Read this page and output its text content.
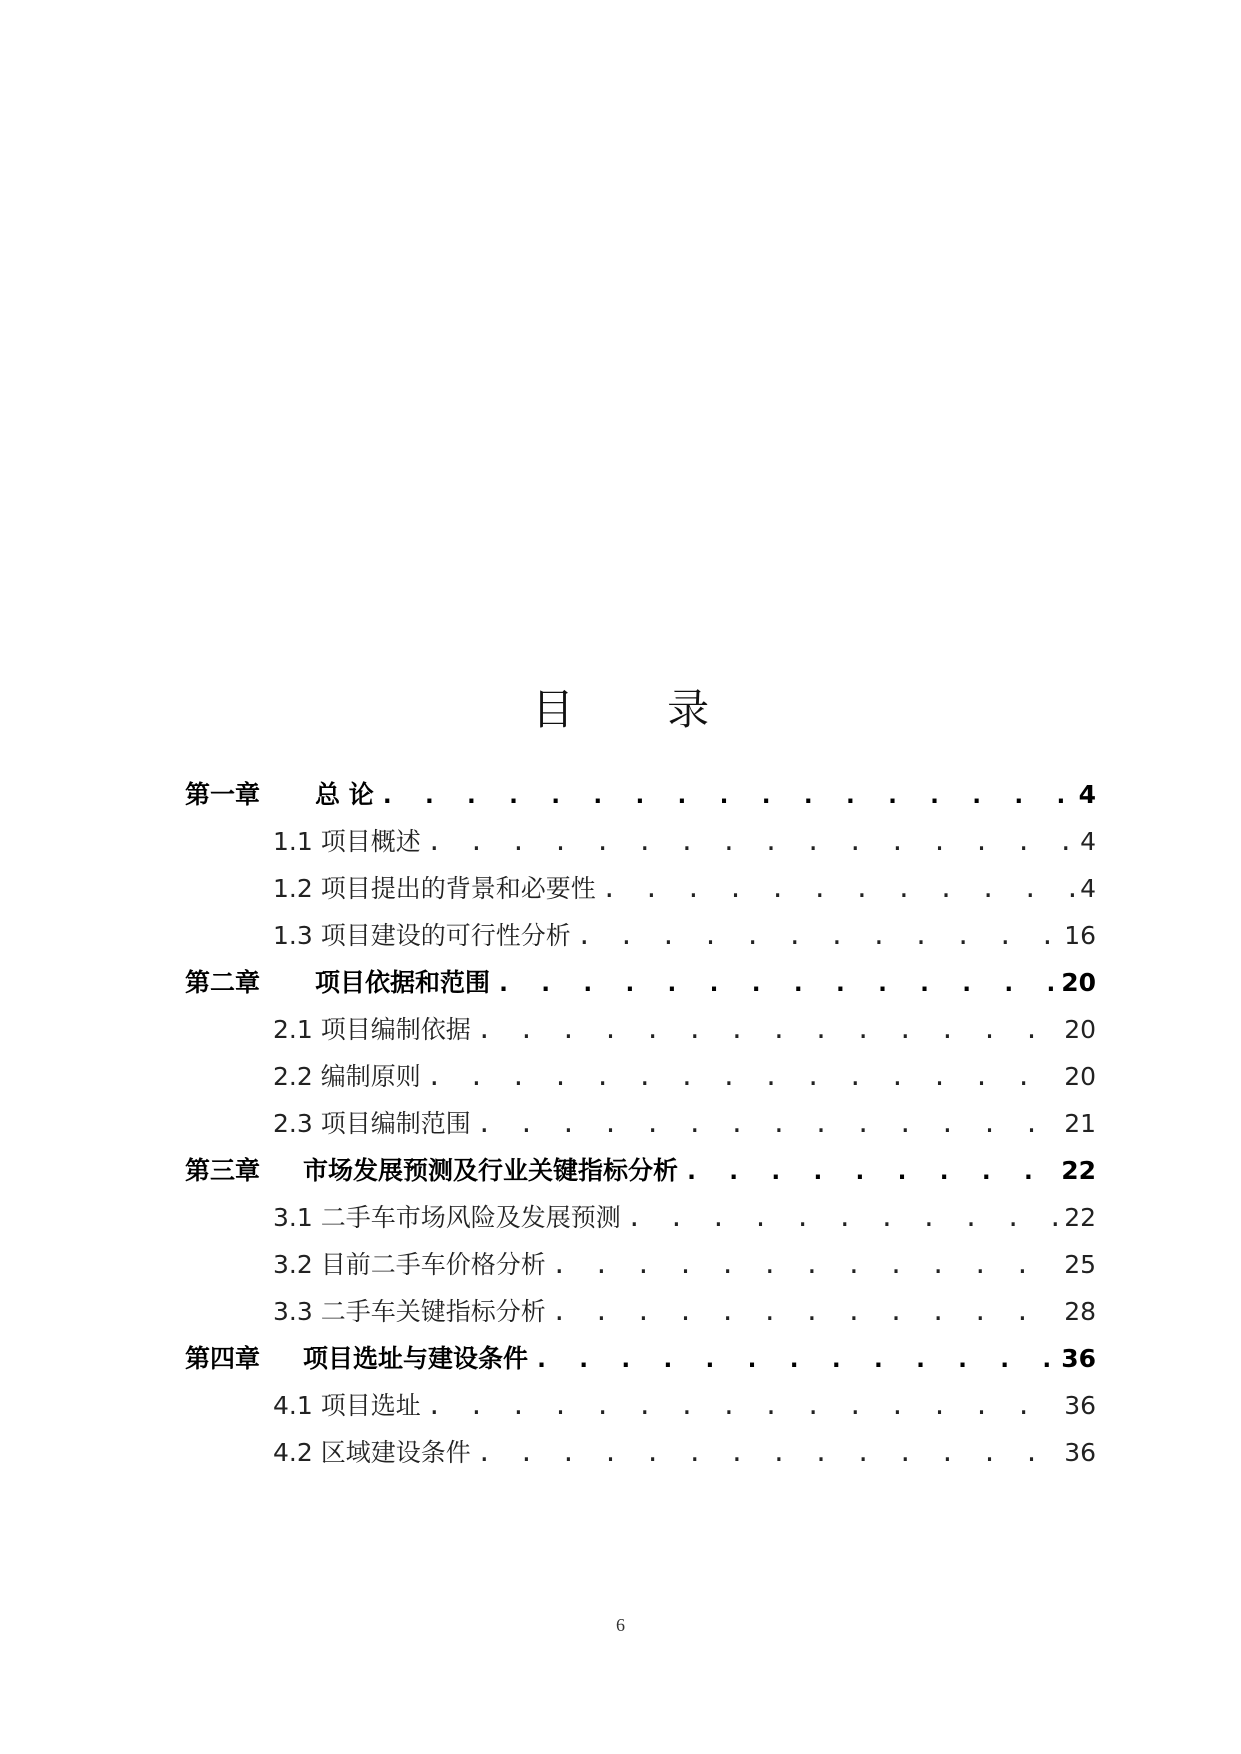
目 录
第一章 总 论 . . .	4
1.1 项目概述 . . .	4
1.2 项目提出的背景和必要性 . . .	4
1.3 项目建设的可行性分析 . . .	16
第二章 项目依据和范围 . . .	20
2.1 项目编制依据 . . .	20
2.2 编制原则 . . .	20
2.3 项目编制范围 . . .	21
第三章 市场发展预测及行业关键指标分析 . . .	22
3.1 二手车市场风险及发展预测 . . .	22
3.2 目前二手车价格分析 . . .	25
3.3 二手车关键指标分析 . . .	28
第四章 项目选址与建设条件 . . .	36
4.1 项目选址 . . .	36
4.2 区域建设条件 . . .	36
6
